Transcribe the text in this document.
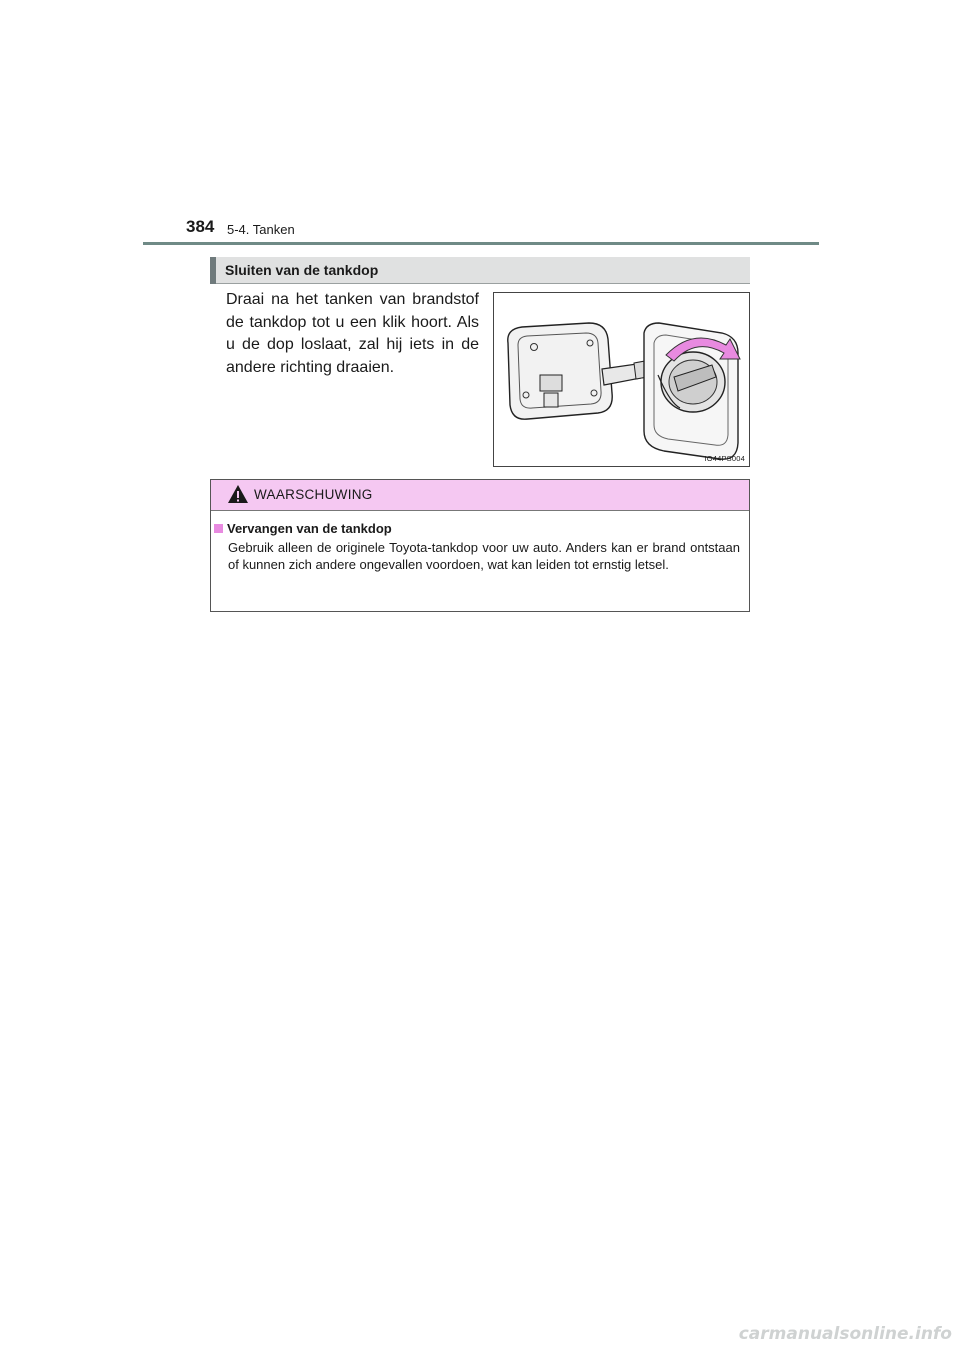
384 5-4. Tanken
Sluiten van de tankdop
Draai na het tanken van brandstof de tankdop tot u een klik hoort. Als u de dop loslaat, zal hij iets in de andere richting draaien.
IO44PS004
WAARSCHUWING
Vervangen van de tankdop
Gebruik alleen de originele Toyota-tankdop voor uw auto. Anders kan er brand ontstaan of kunnen zich andere ongevallen voordoen, wat kan leiden tot ernstig letsel.
carmanualsonline.info
